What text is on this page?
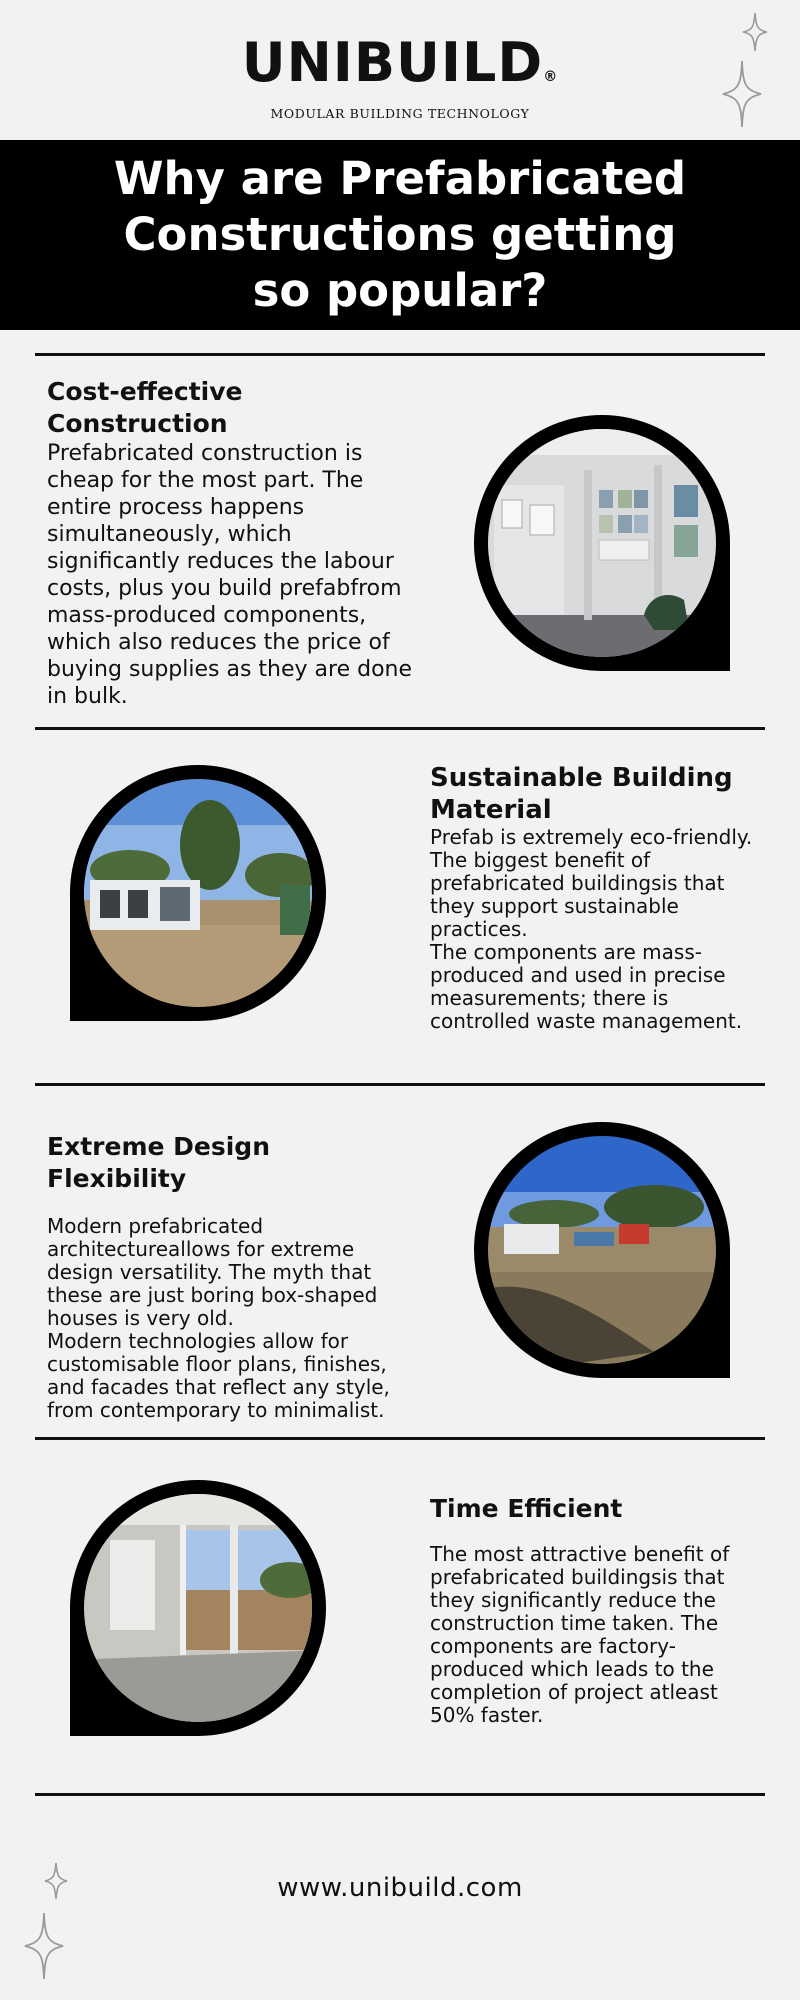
UNIBUILD®
MODULAR BUILDING TECHNOLOGY
Why are Prefabricated Constructions getting so popular?
Cost-effective Construction

Prefabricated construction is cheap for the most part. The entire process happens simultaneously, which significantly reduces the labour costs, plus you build prefabfrom mass-produced components, which also reduces the price of buying supplies as they are done in bulk.

Sustainable Building Material

Prefab is extremely eco-friendly. The biggest benefit of prefabricated buildingsis that they support sustainable practices.

The components are mass-produced and used in precise measurements; there is controlled waste management.

Extreme Design Flexibility

Modern prefabricated architectureallows for extreme design versatility. The myth that these are just boring box-shaped houses is very old.

Modern technologies allow for customisable floor plans, finishes, and facades that reflect any style, from contemporary to minimalist.

Time Efficient

The most attractive benefit of prefabricated buildingsis that they significantly reduce the construction time taken. The components are factory-produced which leads to the completion of project atleast 50% faster.

www.unibuild.com
